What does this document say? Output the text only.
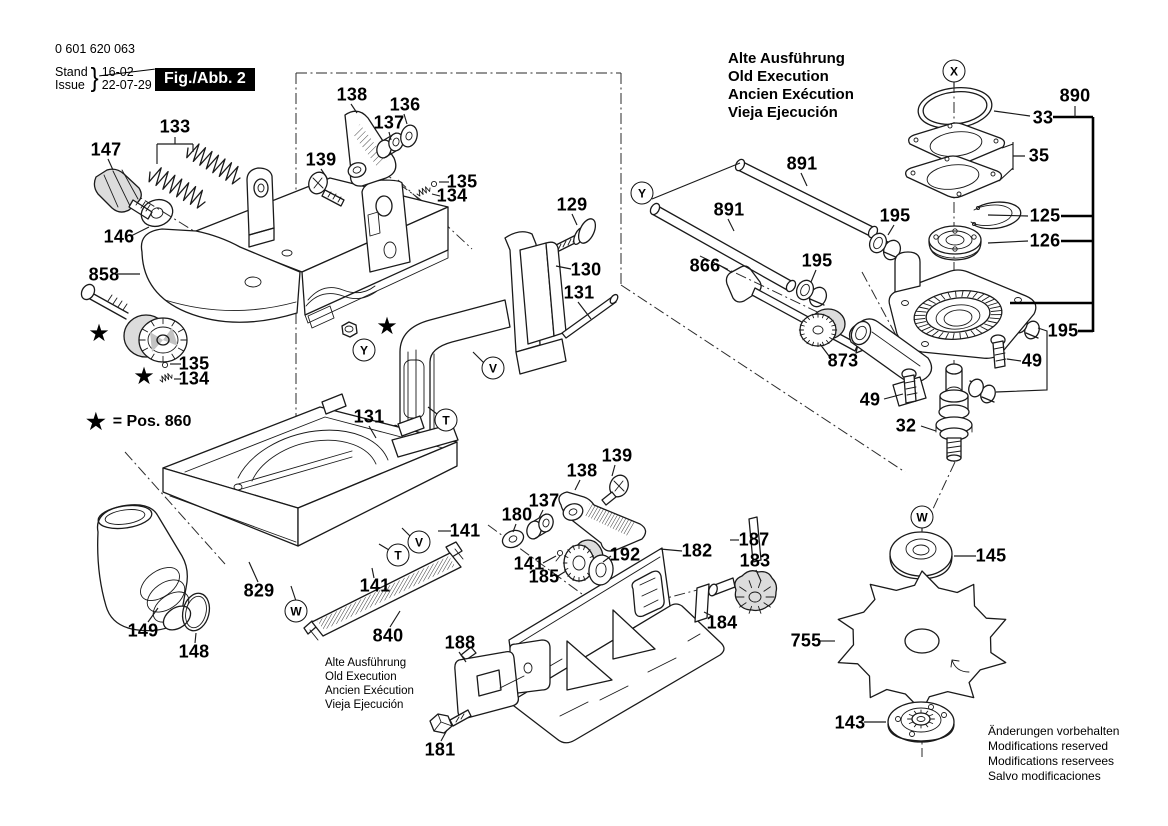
0 601 620 063
Stand
Issue } 16-02
22-07-29 Fig./Abb. 2
★ = Pos. 860
Alte Ausführung
Old Execution
Ancien Exécution
Vieja Ejecución
Alte Ausführung
Old Execution
Ancien Exécution
Vieja Ejecución
Änderungen vorbehalten
Modifications reserved
Modifications reservees
Salvo modificaciones
133
147
146
858
135
134
139
138
137
136
135
134	129
130
131
131
141
141
829
840
149
148	188
181
180
137
138
139
141
185
192 182
187
183
184
891
891
866
195
195
873
49
32
890
33
35
125
126
195
49
145
755
143
X
Y
Y
V
T
V
T
W
W
★
★
★
